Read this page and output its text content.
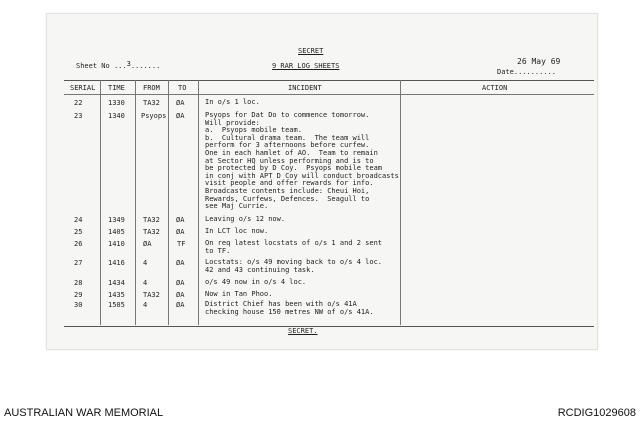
SECRET
Sheet No ...3.......	9 RAR LOG SHEETS	26 May 69
Date..........
SERIAL TIME	FROM	TO	INCIDENT	ACTION
22	1330	TA32 ØA	In o/s 1 loc.
23	1340 Psyops ØA	Psyops for Dat Do to commence tomorrow.
Will provide:
a.  Psyops mobile team.
b.  Cultural drama team.  The team will
perform for 3 afternoons before curfew.
One in each hamlet of AO.  Team to remain
at Sector HQ unless performing and is to
be protected by D Coy.  Psyops mobile team
in conj with APT D Coy will conduct broadcasts
visit people and offer rewards for info.
Broadcaste contents include: Cheui Hoi,
Rewards, Curfews, Defences.  Seagull to
see Maj Currie.
24	1349	TA32 ØA	Leaving o/s 12 now.
25	1405	TA32 ØA	In LCT loc now.
26	1410	ØA	TF	On req latest locstats of o/s 1 and 2 sent
to TF.
27	1416	4	ØA	Locstats: o/s 49 moving back to o/s 4 loc.
42 and 43 continuing task.
28	1434	4	ØA	o/s 49 now in o/s 4 loc.
29	1435	TA32 ØA	Now in Tan Phoo.
30	1505	4	ØA	District Chief has been with o/s 41A
checking house 150 metres NW of o/s 41A.
SECRET.
AUSTRALIAN WAR MEMORIAL	RCDIG1029608
